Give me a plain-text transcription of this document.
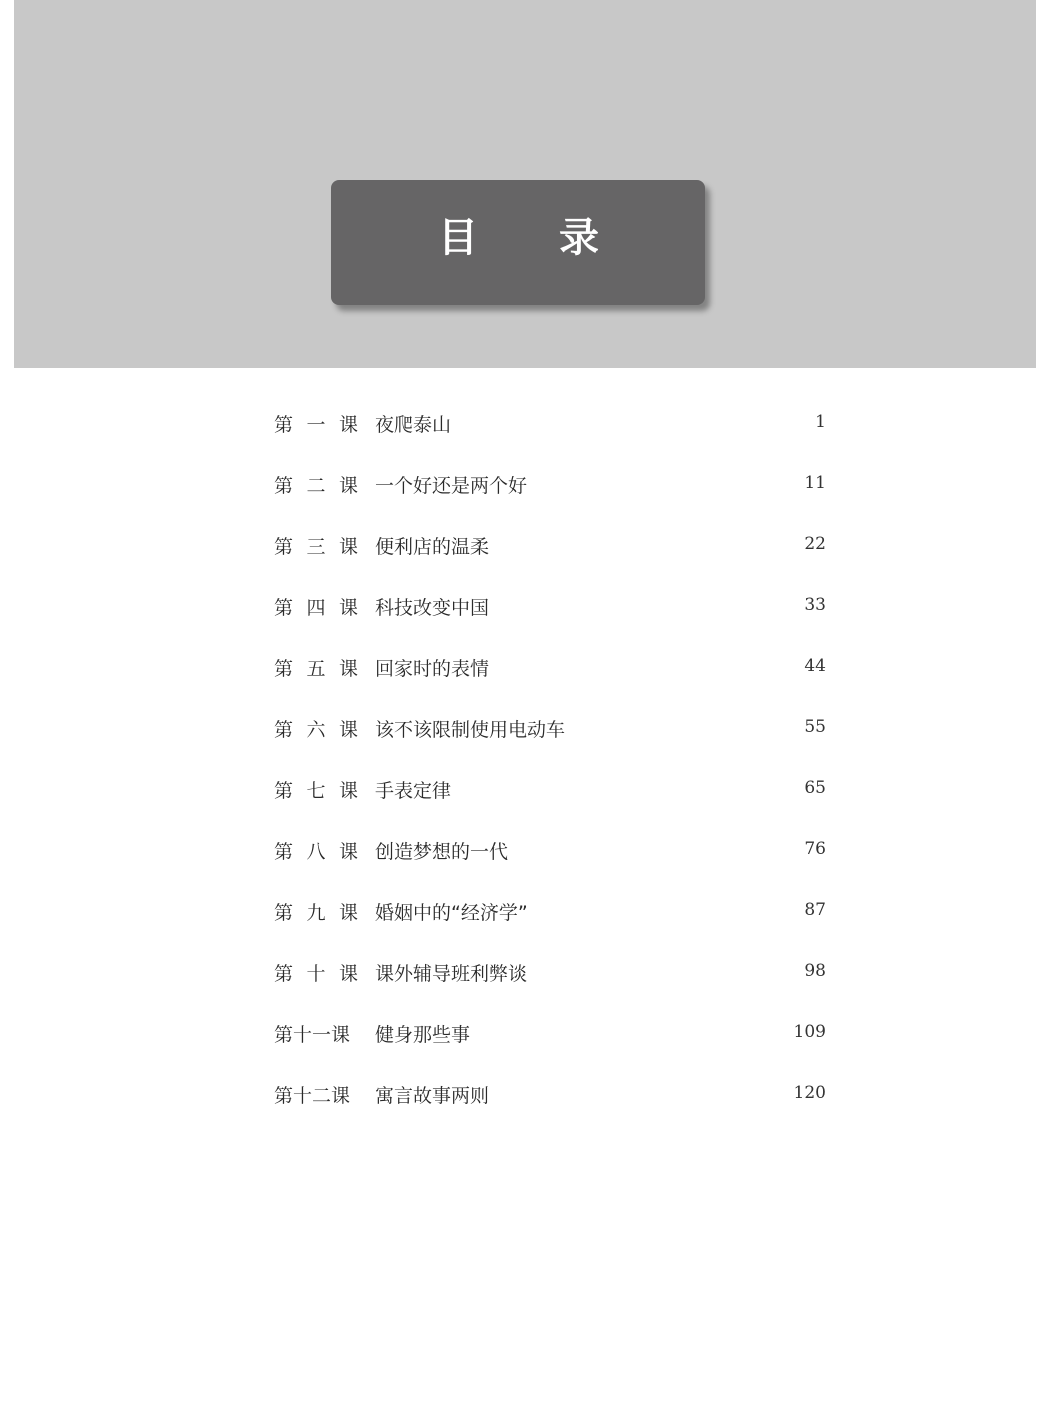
目 录
第 一 课 夜爬泰山	1
第 二 课 一个好还是两个好	11
第 三 课 便利店的温柔	22
第 四 课 科技改变中国	33
第 五 课 回家时的表情	44
第 六 课 该不该限制使用电动车	55
第 七 课 手表定律	65
第 八 课 创造梦想的一代	76
第 九 课 婚姻中的“经济学”	87
第 十 课 课外辅导班利弊谈	98
第十一课 健身那些事	109
第十二课 寓言故事两则	120
